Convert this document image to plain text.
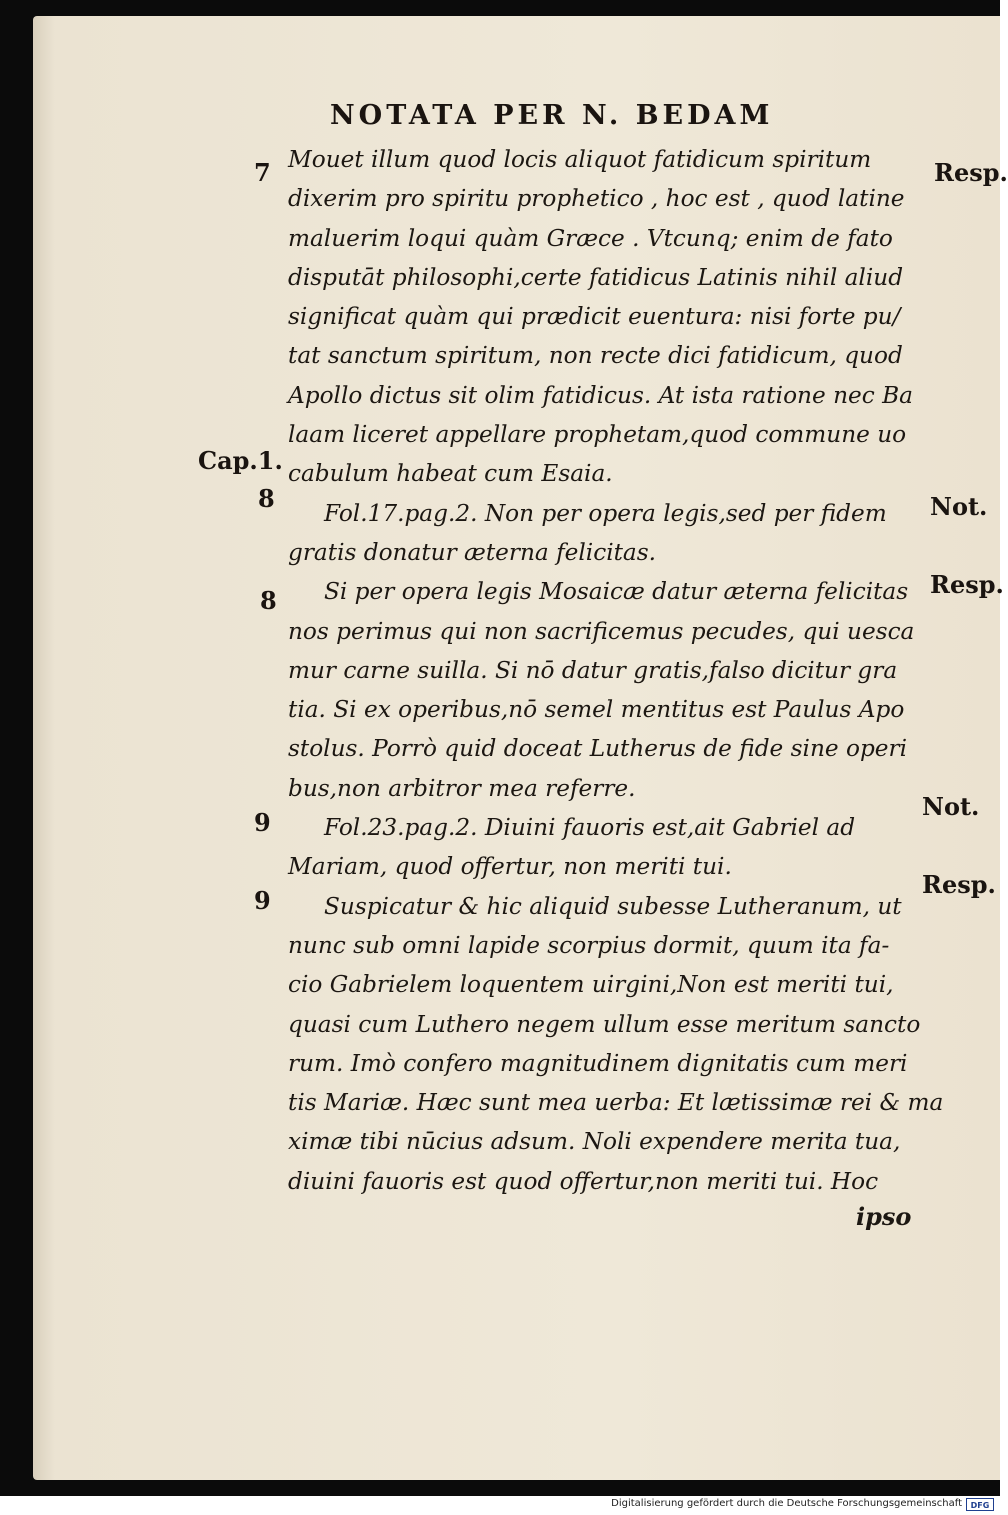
NOTATA PER N. BEDAM
Mouet illum quod locis aliquot fatidicum spiritum
dixerim pro spiritu prophetico , hoc est , quod latine
maluerim loqui quàm Græce . Vtcunq; enim de fato
disputāt philosophi,certe fatidicus Latinis nihil aliud
significat quàm qui prædicit euentura: nisi forte pu/
tat sanctum spiritum, non recte dici fatidicum, quod
Apollo dictus sit olim fatidicus. At ista ratione nec Ba
laam liceret appellare prophetam,quod commune uo
cabulum habeat cum Esaia.
Fol.17.pag.2. Non per opera legis,sed per fidem
gratis donatur æterna felicitas.
Si per opera legis Mosaicæ datur æterna felicitas
nos perimus qui non sacrificemus pecudes, qui uesca
mur carne suilla. Si nō datur gratis,falso dicitur gra
tia. Si ex operibus,nō semel mentitus est Paulus Apo
stolus. Porrò quid doceat Lutherus de fide sine operi
bus,non arbitror mea referre.
Fol.23.pag.2. Diuini fauoris est,ait Gabriel ad
Mariam, quod offertur, non meriti tui.
Suspicatur & hic aliquid subesse Lutheranum, ut
nunc sub omni lapide scorpius dormit, quum ita fa-
cio Gabrielem loquentem uirgini,Non est meriti tui,
quasi cum Luthero negem ullum esse meritum sancto
rum. Imò confero magnitudinem dignitatis cum meri
tis Mariæ. Hæc sunt mea uerba: Et lætissimæ rei & ma
ximæ tibi nūcius adsum. Noli expendere merita tua,
diuini fauoris est quod offertur,non meriti tui. Hoc
ipso
7
Cap.1.
8
8
9
9
Resp.
Not.
Resp.
Not.
Resp.
Digitalisierung gefördert durch die Deutsche Forschungsgemeinschaft	DFG
